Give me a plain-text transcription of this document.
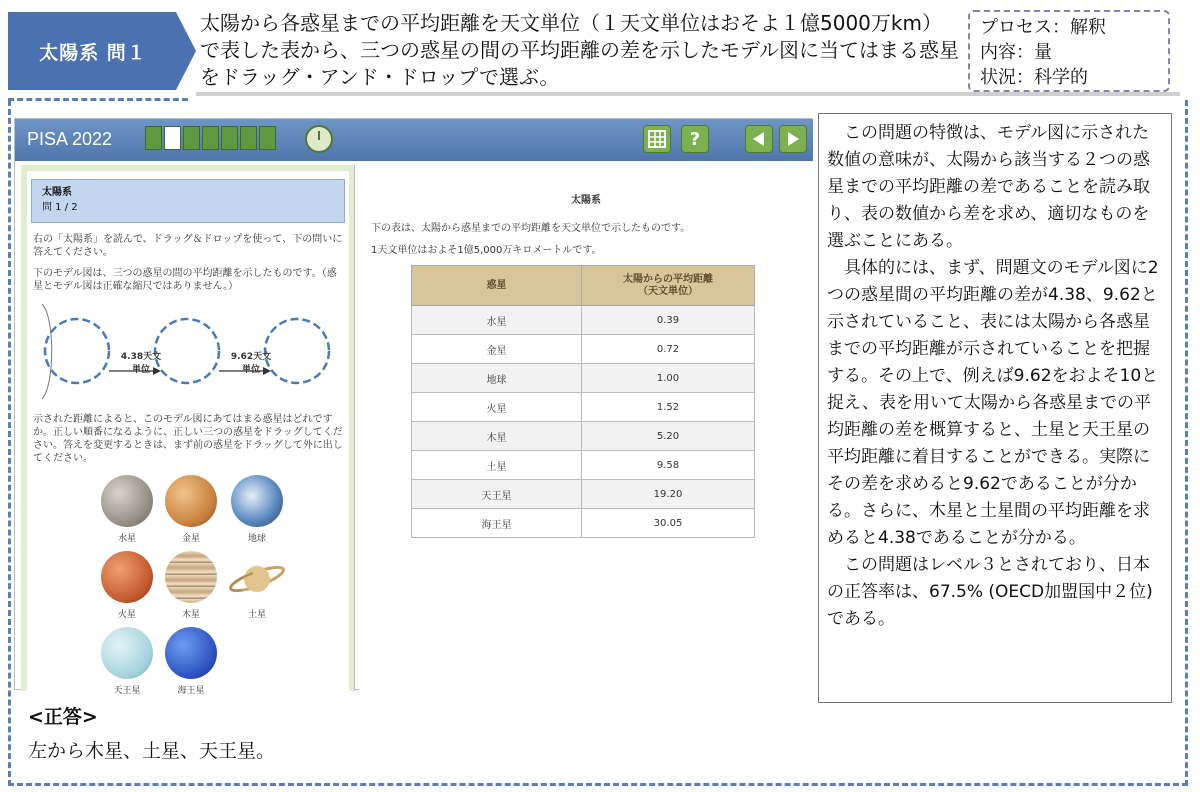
太陽系 問１
太陽から各惑星までの平均距離を天文単位（１天文単位はおそよ１億5000万km）で表した表から、三つの惑星の間の平均距離の差を示したモデル図に当てはまる惑星をドラッグ・アンド・ドロップで選ぶ。
プロセス：解釈
内容：量
状況：科学的
PISA 2022	?
太陽系
問 1 / 2
右の「太陽系」を読んで、ドラッグ＆ドロップを使って、下の問いに答えてください。
下のモデル図は、三つの惑星の間の平均距離を示したものです。（惑星とモデル図は正確な縮尺ではありません。）
4.38天文
単位
9.62天文
単位
示された距離によると、このモデル図にあてはまる惑星はどれですか。正しい順番になるように、正しい三つの惑星をドラッグしてください。答えを変更するときは、まず前の惑星をドラッグして外に出してください。
水星	金星	地球
火星	木星	土星
天王星	海王星
太陽系
下の表は、太陽から惑星までの平均距離を天文単位で示したものです。
1天文単位はおよそ1億5,000万キロメートルです。
惑星	太陽からの平均距離
（天文単位）

水星	0.39
金星	0.72
地球	1.00
火星	1.52
木星	5.20
土星	9.58
天王星	19.20
海王星	30.05

この問題の特徴は、モデル図に示された数値の意味が、太陽から該当する２つの惑星までの平均距離の差であることを読み取り、表の数値から差を求め、適切なものを選ぶことにある。

具体的には、まず、問題文のモデル図に2つの惑星間の平均距離の差が4.38、9.62と示されていること、表には太陽から各惑星までの平均距離が示されていることを把握する。その上で、例えば9.62をおよそ10と捉え、表を用いて太陽から各惑星までの平均距離の差を概算すると、土星と天王星の平均距離に着目することができる。実際にその差を求めると9.62であることが分かる。さらに、木星と土星間の平均距離を求めると4.38であることが分かる。

この問題はレベル３とされており、日本の正答率は、67.5% (OECD加盟国中２位)である。

<正答>
左から木星、土星、天王星。
